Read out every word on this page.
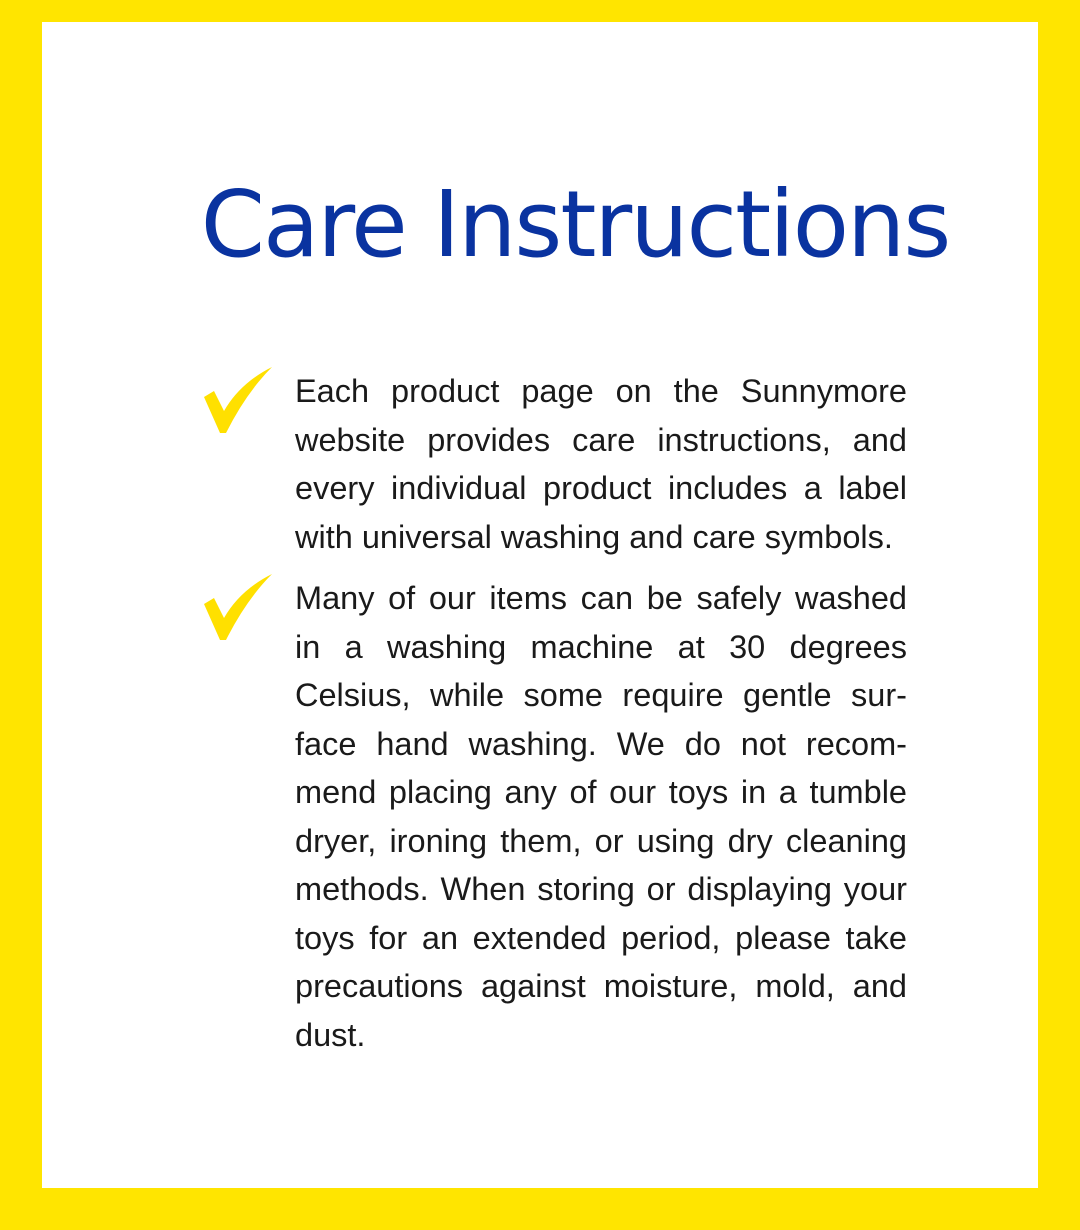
Care Instructions

Each product page on the Sunnymore website provides care instructions, and every individual product includes a label with universal washing and care symbols.

Many of our items can be safely washed in a washing machine at 30 degrees Celsius, while some require gentle sur-face hand washing. We do not recom-mend placing any of our toys in a tumble dryer, ironing them, or using dry cleaning methods. When storing or displaying your toys for an extended period, please take precautions against moisture, mold, and dust.
